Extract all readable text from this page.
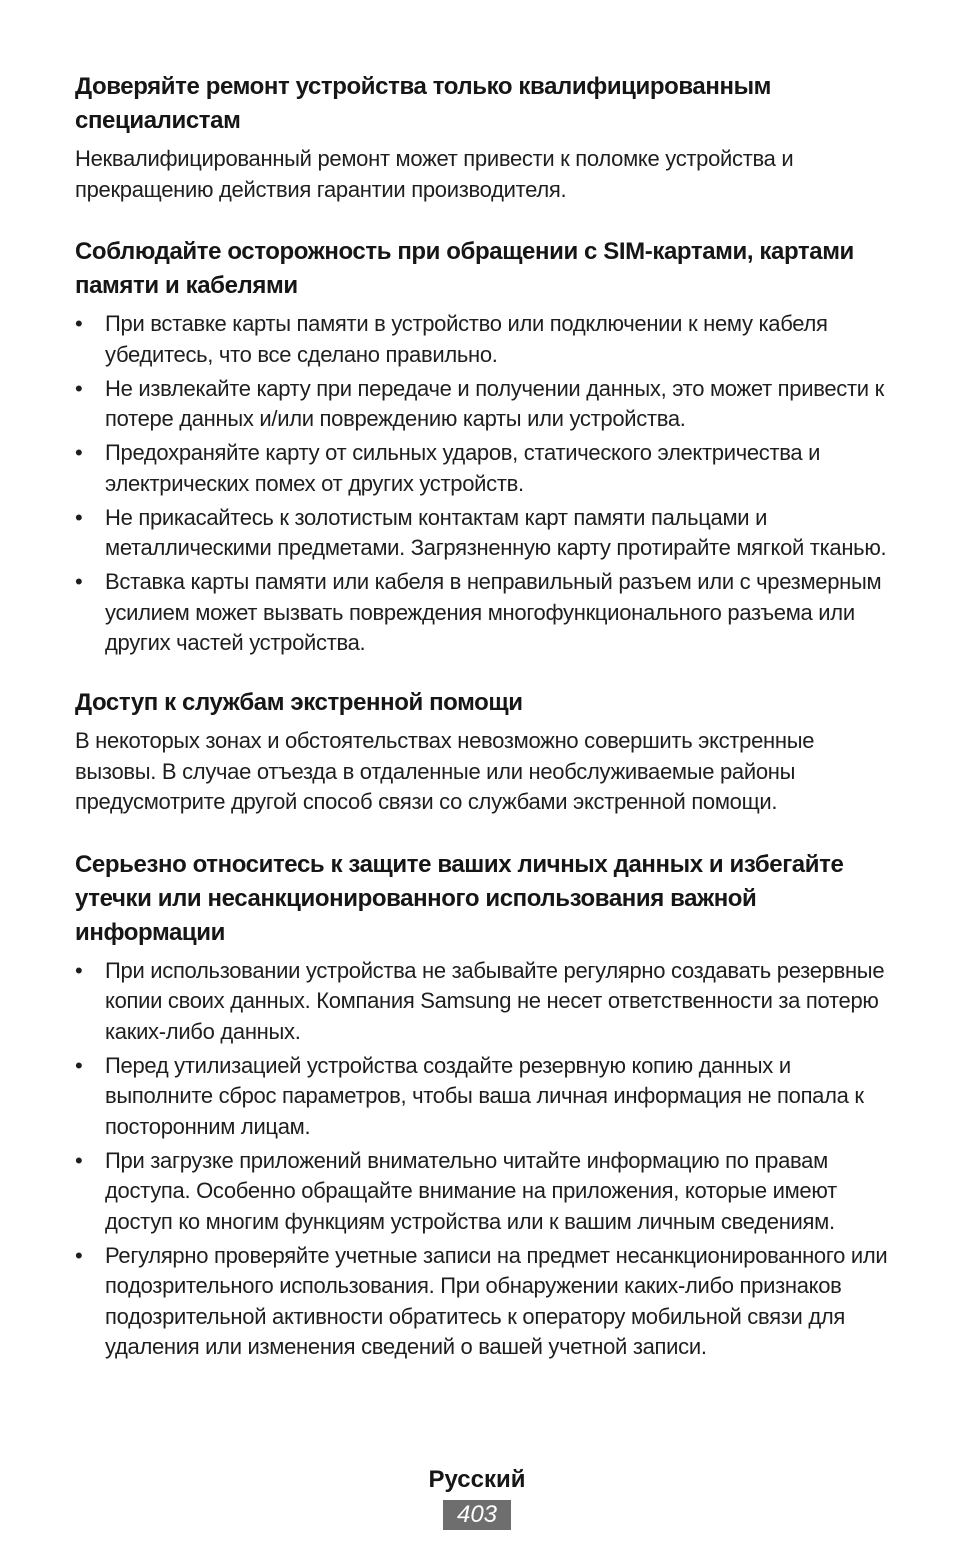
Доверяйте ремонт устройства только квалифицированным специалистам

Неквалифицированный ремонт может привести к поломке устройства и прекращению действия гарантии производителя.

Соблюдайте осторожность при обращении с SIM-картами, картами памяти и кабелями
•	При вставке карты памяти в устройство или подключении к нему кабеля убедитесь, что все сделано правильно.
•	Не извлекайте карту при передаче и получении данных, это может привести к потере данных и/или повреждению карты или устройства.
•	Предохраняйте карту от сильных ударов, статического электричества и электрических помех от других устройств.
•	Не прикасайтесь к золотистым контактам карт памяти пальцами и металлическими предметами. Загрязненную карту протирайте мягкой тканью.
•	Вставка карты памяти или кабеля в неправильный разъем или с чрезмерным усилием может вызвать повреждения многофункционального разъема или других частей устройства.
Доступ к службам экстренной помощи

В некоторых зонах и обстоятельствах невозможно совершить экстренные вызовы. В случае отъезда в отдаленные или необслуживаемые районы предусмотрите другой способ связи со службами экстренной помощи.

Серьезно относитесь к защите ваших личных данных и избегайте утечки или несанкционированного использования важной информации
•	При использовании устройства не забывайте регулярно создавать резервные копии своих данных. Компания Samsung не несет ответственности за потерю каких-либо данных.
•	Перед утилизацией устройства создайте резервную копию данных и выполните сброс параметров, чтобы ваша личная информация не попала к посторонним лицам.
•	При загрузке приложений внимательно читайте информацию по правам доступа. Особенно обращайте внимание на приложения, которые имеют доступ ко многим функциям устройства или к вашим личным сведениям.
•	Регулярно проверяйте учетные записи на предмет несанкционированного или подозрительного использования. При обнаружении каких-либо признаков подозрительной активности обратитесь к оператору мобильной связи для удаления или изменения сведений о вашей учетной записи.
Русский
403
